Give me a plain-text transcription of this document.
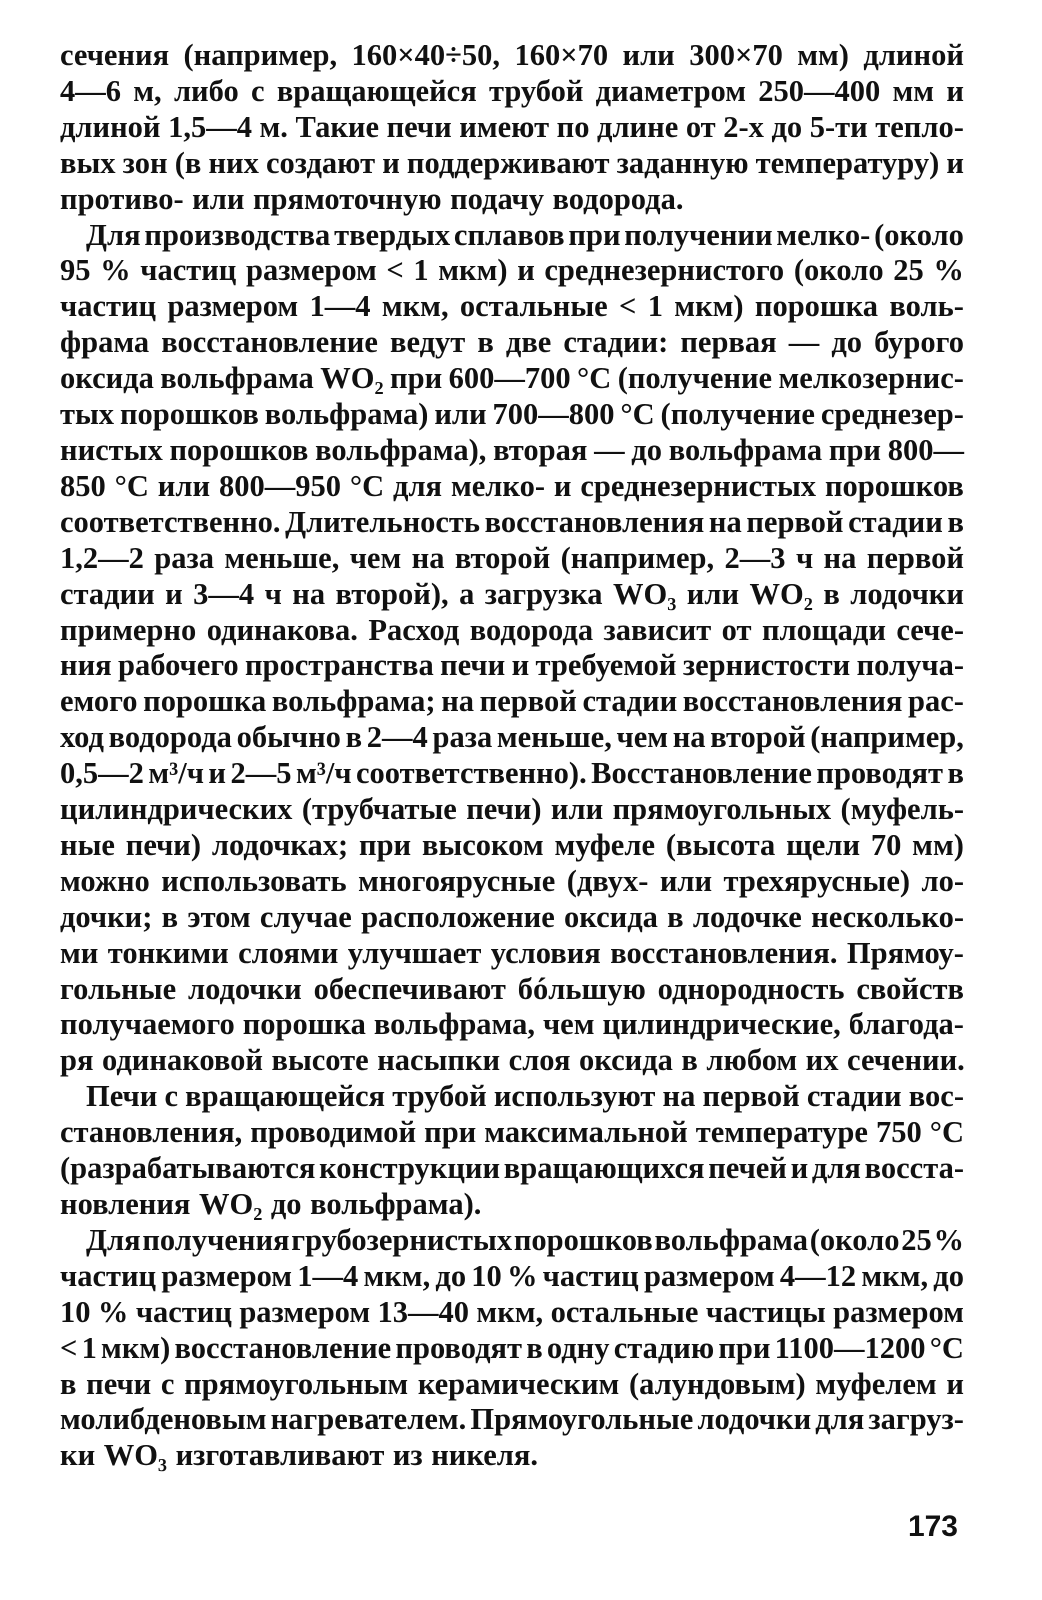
сечения (например, 160×40÷50, 160×70 или 300×70 мм) длиной
4—6 м, либо с вращающейся трубой диаметром 250—400 мм и
длиной 1,5—4 м. Такие печи имеют по длине от 2-х до 5-ти тепло-
вых зон (в них создают и поддерживают заданную температуру) и
противо- или прямоточную подачу водорода.
Для производства твердых сплавов при получении мелко- (около
95 % частиц размером < 1 мкм) и среднезернистого (около 25 %
частиц размером 1—4 мкм, остальные < 1 мкм) порошка воль-
фрама восстановление ведут в две стадии: первая — до бурого
оксида вольфрама WO₂ при 600—700 °С (получение мелкозернис-
тых порошков вольфрама) или 700—800 °С (получение среднезер-
нистых порошков вольфрама), вторая — до вольфрама при 800—
850 °С или 800—950 °С для мелко- и среднезернистых порошков
соответственно. Длительность восстановления на первой стадии в
1,2—2 раза меньше, чем на второй (например, 2—3 ч на первой
стадии и 3—4 ч на второй), а загрузка WO₃ или WO₂ в лодочки
примерно одинакова. Расход водорода зависит от площади сече-
ния рабочего пространства печи и требуемой зернистости получа-
емого порошка вольфрама; на первой стадии восстановления рас-
ход водорода обычно в 2—4 раза меньше, чем на второй (например,
0,5—2 м³/ч и 2—5 м³/ч соответственно). Восстановление проводят в
цилиндрических (трубчатые печи) или прямоугольных (муфель-
ные печи) лодочках; при высоком муфеле (высота щели 70 мм)
можно использовать многоярусные (двух- или трехярусные) ло-
дочки; в этом случае расположение оксида в лодочке несколько-
ми тонкими слоями улучшает условия восстановления. Прямоу-
гольные лодочки обеспечивают бóльшую однородность свойств
получаемого порошка вольфрама, чем цилиндрические, благода-
ря одинаковой высоте насыпки слоя оксида в любом их сечении.
Печи с вращающейся трубой используют на первой стадии вос-
становления, проводимой при максимальной температуре 750 °С
(разрабатываются конструкции вращающихся печей и для восста-
новления WO₂ до вольфрама).
Для получения грубозернистых порошков вольфрама (около 25 %
частиц размером 1—4 мкм, до 10 % частиц размером 4—12 мкм, до
10 % частиц размером 13—40 мкм, остальные частицы размером
< 1 мкм) восстановление проводят в одну стадию при 1100—1200 °С
в печи с прямоугольным керамическим (алундовым) муфелем и
молибденовым нагревателем. Прямоугольные лодочки для загруз-
ки WO₃ изготавливают из никеля.
173
